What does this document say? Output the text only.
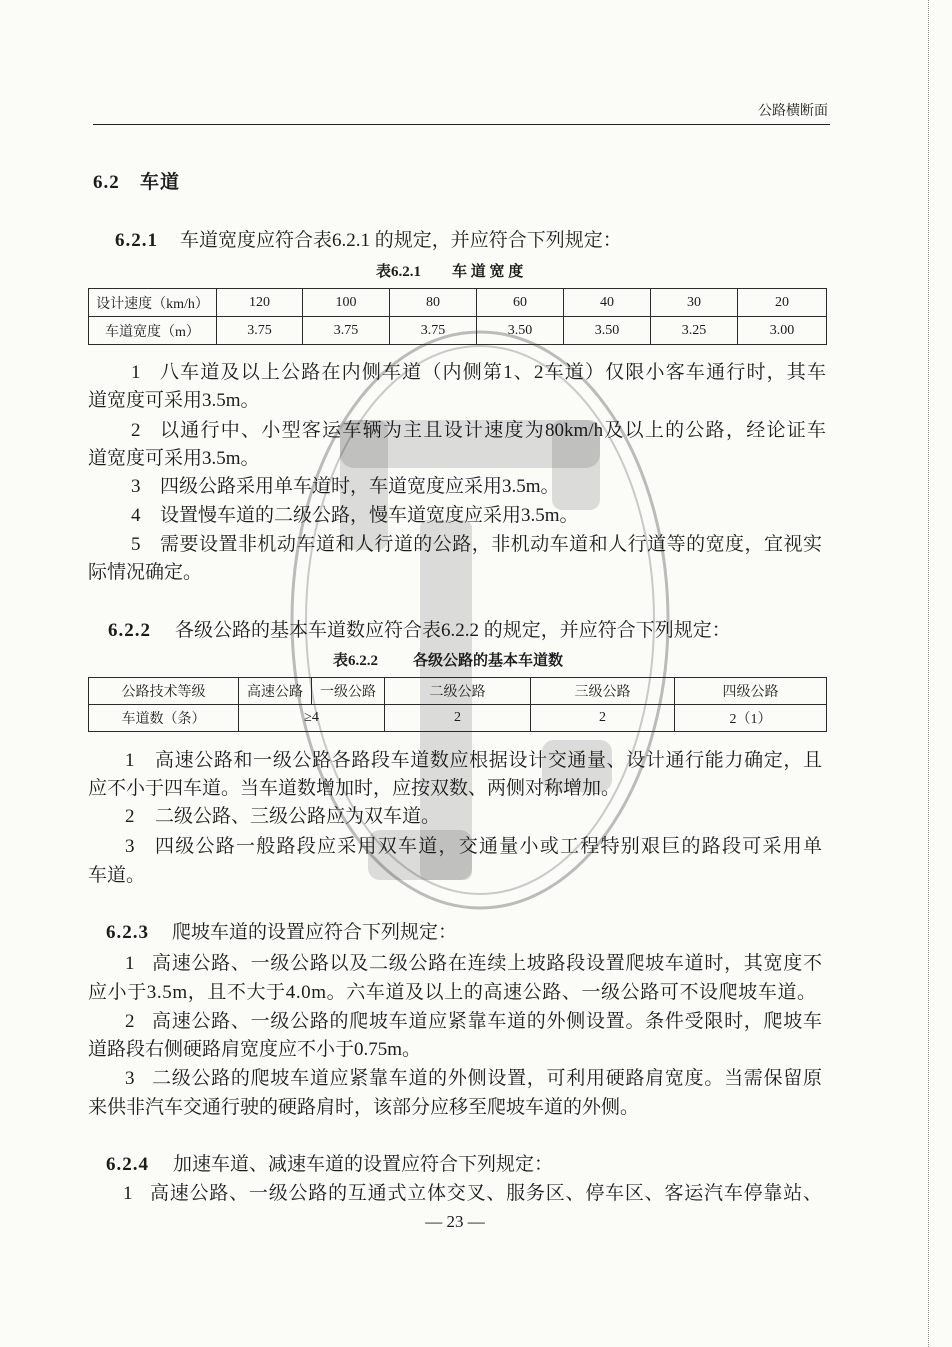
公路横断面
6.2 车道
6.2.1 车道宽度应符合表6.2.1 的规定，并应符合下列规定：
表6.2.1 车 道 宽 度
设计速度（km/h）	120	100	80	60	40	30	20
车道宽度（m）	3.75	3.75	3.75	3.50	3.50	3.25	3.00
1 八车道及以上公路在内侧车道（内侧第1、2车道）仅限小客车通行时，其车
道宽度可采用3.5m。
2 以通行中、小型客运车辆为主且设计速度为80km/h及以上的公路，经论证车
道宽度可采用3.5m。
3 四级公路采用单车道时，车道宽度应采用3.5m。
4 设置慢车道的二级公路，慢车道宽度应采用3.5m。
5 需要设置非机动车道和人行道的公路，非机动车道和人行道等的宽度，宜视实
际情况确定。
6.2.2 各级公路的基本车道数应符合表6.2.2 的规定，并应符合下列规定：
表6.2.2 各级公路的基本车道数
公路技术等级	高速公路	一级公路	二级公路	三级公路	四级公路
车道数（条）	≥4		2	2	2（1）
1 高速公路和一级公路各路段车道数应根据设计交通量、设计通行能力确定，且
应不小于四车道。当车道数增加时，应按双数、两侧对称增加。
2 二级公路、三级公路应为双车道。
3 四级公路一般路段应采用双车道，交通量小或工程特别艰巨的路段可采用单
车道。
6.2.3 爬坡车道的设置应符合下列规定：
1 高速公路、一级公路以及二级公路在连续上坡路段设置爬坡车道时，其宽度不
应小于3.5m，且不大于4.0m。六车道及以上的高速公路、一级公路可不设爬坡车道。
2 高速公路、一级公路的爬坡车道应紧靠车道的外侧设置。条件受限时，爬坡车
道路段右侧硬路肩宽度应不小于0.75m。
3 二级公路的爬坡车道应紧靠车道的外侧设置，可利用硬路肩宽度。当需保留原
来供非汽车交通行驶的硬路肩时，该部分应移至爬坡车道的外侧。
6.2.4 加速车道、减速车道的设置应符合下列规定：
1 高速公路、一级公路的互通式立体交叉、服务区、停车区、客运汽车停靠站、
— 23 —
